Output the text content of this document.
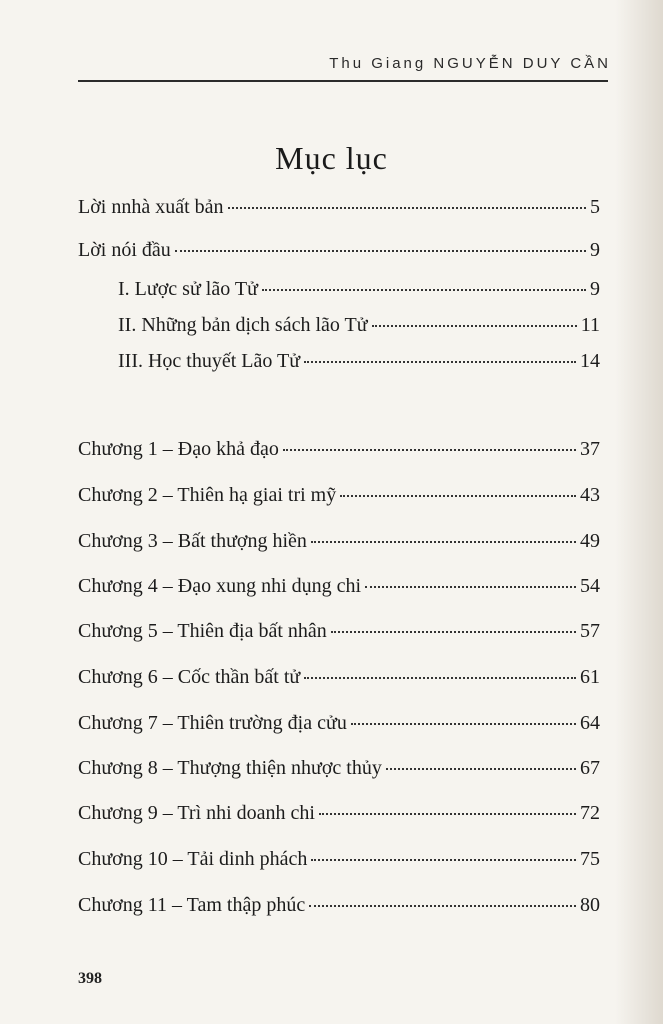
Thu Giang NGUYỄN DUY CẦN
Mục lục
Lời nnhà xuất bản	5
Lời nói đầu	9
I. Lược sử lão Tử	9
II. Những bản dịch sách lão Tử	11
III. Học thuyết Lão Tử	14
Chương 1 – Đạo khả đạo	37
Chương 2 – Thiên hạ giai tri mỹ	43
Chương 3 – Bất thượng hiền	49
Chương 4 – Đạo xung nhi dụng chi	54
Chương 5 – Thiên địa bất nhân	57
Chương 6 – Cốc thần bất tử	61
Chương 7 – Thiên trường địa cửu	64
Chương 8 – Thượng thiện nhược thủy	67
Chương 9 – Trì nhi doanh chi	72
Chương 10 – Tải dinh phách	75
Chương 11 – Tam thập phúc	80
398
